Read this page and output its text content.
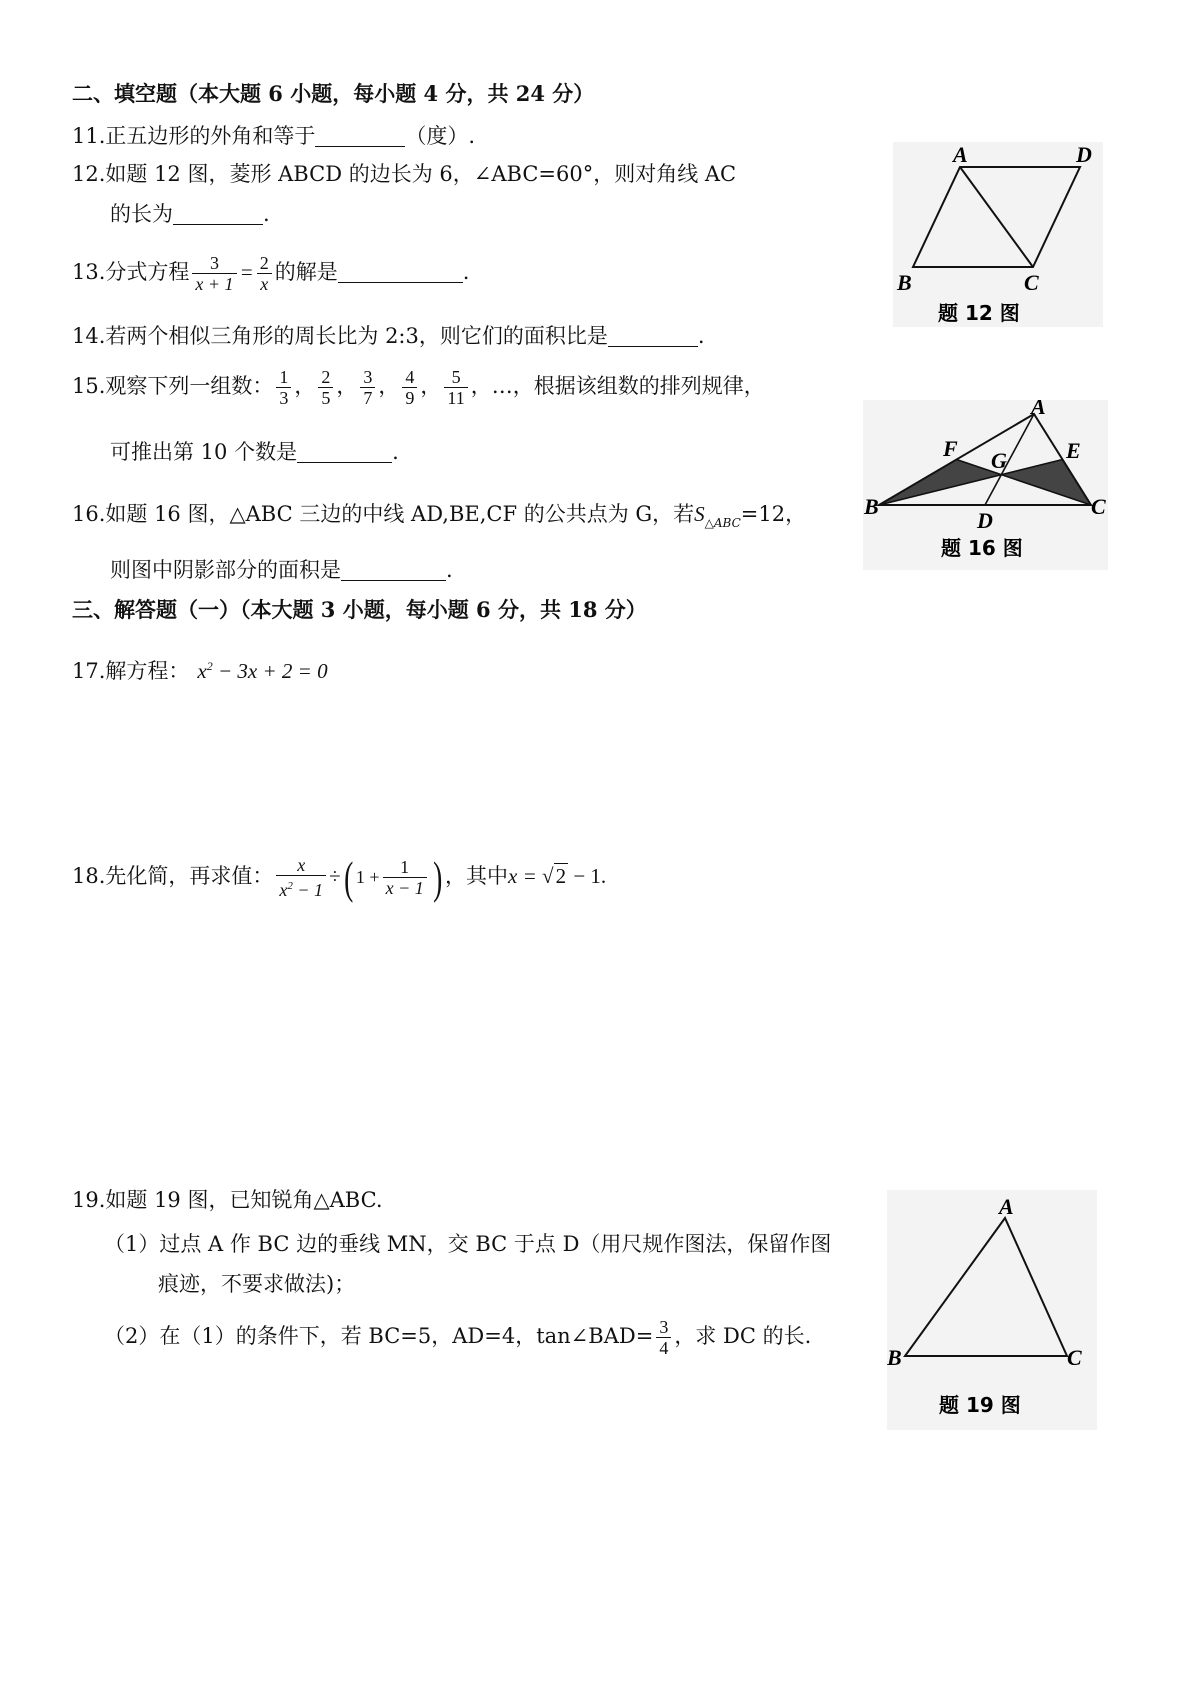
二、填空题（本大题 6 小题，每小题 4 分，共 24 分）
11.正五边形的外角和等于	（度）.
12.如题 12 图，菱形 ABCD 的边长为 6，∠ABC=60°，则对角线 AC
的长为	.
13.分式方程 $\frac{3}{x + 1} = \frac{2}{x}$ 的解是	.
14.若两个相似三角形的周长比为 2:3，则它们的面积比是	.
15.观察下列一组数： $\frac{1}{3}$ ， $\frac{2}{5}$ ， $\frac{3}{7}$ ， $\frac{4}{9}$ ， $\frac{5}{11}$ ，…，根据该组数的排列规律，
可推出第 10 个数是	.
16.如题 16 图，△ABC 三边的中线 AD,BE,CF 的公共点为 G，若$S_{\triangle ABC}=12$，
则图中阴影部分的面积是	.
三、解答题（一）（本大题 3 小题，每小题 6 分，共 18 分）
17.解方程： $x^2 - 3x + 2 = 0$
18.先化简，再求值： $\frac{x}{x^2 - 1}$ ÷( $1 + \frac{1}{x - 1}$ ) ，其中x = √2 − 1.
19.如题 19 图，已知锐角△ABC.
（1）过点 A 作 BC 边的垂线 MN，交 BC 于点 D（用尺规作图法，保留作图
痕迹，不要求做法)；
（2）在（1）的条件下，若 BC=5，AD=4，tan∠BAD= $\frac{3}{4}$ ，求 DC 的长.
A	D
B	C
题 12 图
A
B	C
D
E
F G
题 16 图
A
B	C
题 19 图
